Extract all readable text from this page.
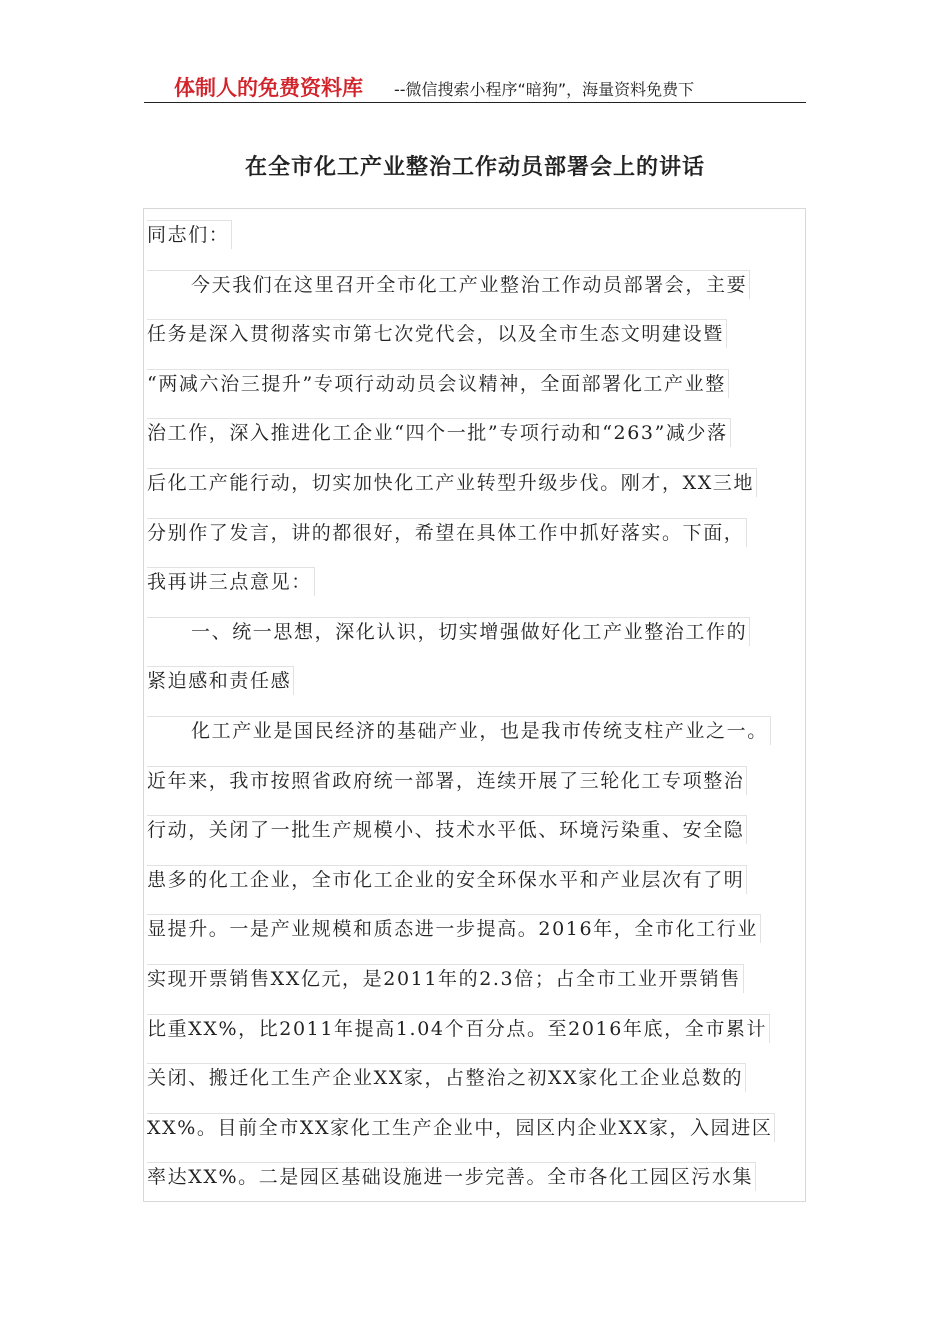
体制人的免费资料库 --微信搜索小程序“暗狗”，海量资料免费下
在全市化工产业整治工作动员部署会上的讲话
同志们：
今天我们在这里召开全市化工产业整治工作动员部署会，主要
任务是深入贯彻落实市第七次党代会，以及全市生态文明建设暨
“两减六治三提升”专项行动动员会议精神，全面部署化工产业整
治工作，深入推进化工企业“四个一批”专项行动和“263”减少落
后化工产能行动，切实加快化工产业转型升级步伐。刚才，XX三地
分别作了发言，讲的都很好，希望在具体工作中抓好落实。下面，
我再讲三点意见：
一、统一思想，深化认识，切实增强做好化工产业整治工作的
紧迫感和责任感
化工产业是国民经济的基础产业，也是我市传统支柱产业之一。
近年来，我市按照省政府统一部署，连续开展了三轮化工专项整治
行动，关闭了一批生产规模小、技术水平低、环境污染重、安全隐
患多的化工企业，全市化工企业的安全环保水平和产业层次有了明
显提升。一是产业规模和质态进一步提高。2016年，全市化工行业
实现开票销售XX亿元，是2011年的2.3倍；占全市工业开票销售
比重XX%，比2011年提高1.04个百分点。至2016年底，全市累计
关闭、搬迁化工生产企业XX家，占整治之初XX家化工企业总数的
XX%。目前全市XX家化工生产企业中，园区内企业XX家，入园进区
率达XX%。二是园区基础设施进一步完善。全市各化工园区污水集
